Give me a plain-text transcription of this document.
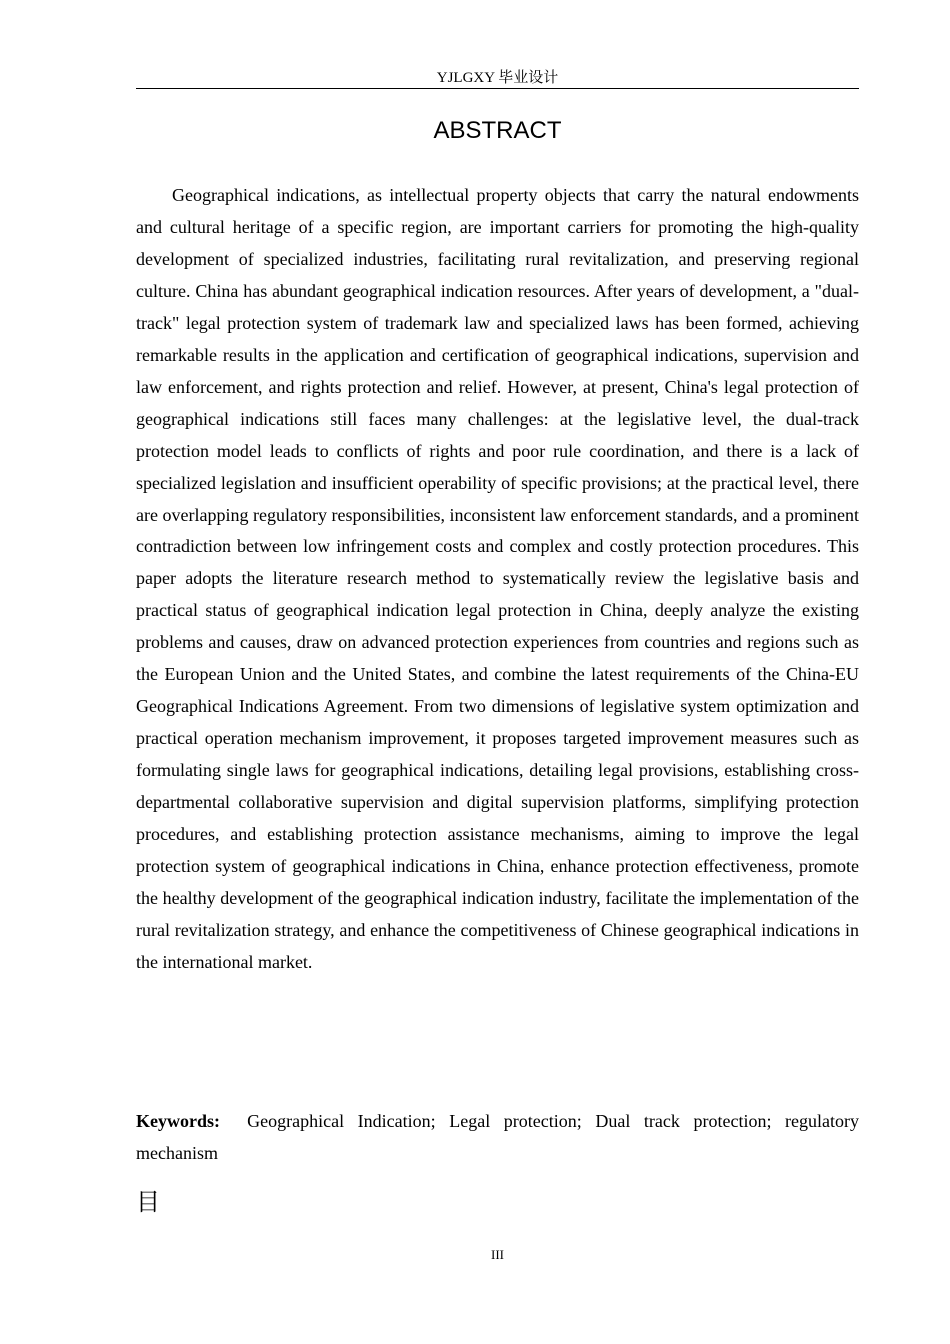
YJLGXY 毕业设计
ABSTRACT

Geographical indications, as intellectual property objects that carry the natural endowments and cultural heritage of a specific region, are important carriers for promoting the high-quality development of specialized industries, facilitating rural revitalization, and preserving regional culture. China has abundant geographical indication resources. After years of development, a "dual-track" legal protection system of trademark law and specialized laws has been formed, achieving remarkable results in the application and certification of geographical indications, supervision and law enforcement, and rights protection and relief. However, at present, China's legal protection of geographical indications still faces many challenges: at the legislative level, the dual-track protection model leads to conflicts of rights and poor rule coordination, and there is a lack of specialized legislation and insufficient operability of specific provisions; at the practical level, there are overlapping regulatory responsibilities, inconsistent law enforcement standards, and a prominent contradiction between low infringement costs and complex and costly protection procedures. This paper adopts the literature research method to systematically review the legislative basis and practical status of geographical indication legal protection in China, deeply analyze the existing problems and causes, draw on advanced protection experiences from countries and regions such as the European Union and the United States, and combine the latest requirements of the China-EU Geographical Indications Agreement. From two dimensions of legislative system optimization and practical operation mechanism improvement, it proposes targeted improvement measures such as formulating single laws for geographical indications, detailing legal provisions, establishing cross-departmental collaborative supervision and digital supervision platforms, simplifying protection procedures, and establishing protection assistance mechanisms, aiming to improve the legal protection system of geographical indications in China, enhance protection effectiveness, promote the healthy development of the geographical indication industry, facilitate the implementation of the rural revitalization strategy, and enhance the competitiveness of Chinese geographical indications in the international market.

Keywords: Geographical Indication; Legal protection; Dual track protection; regulatory mechanism

目
III
